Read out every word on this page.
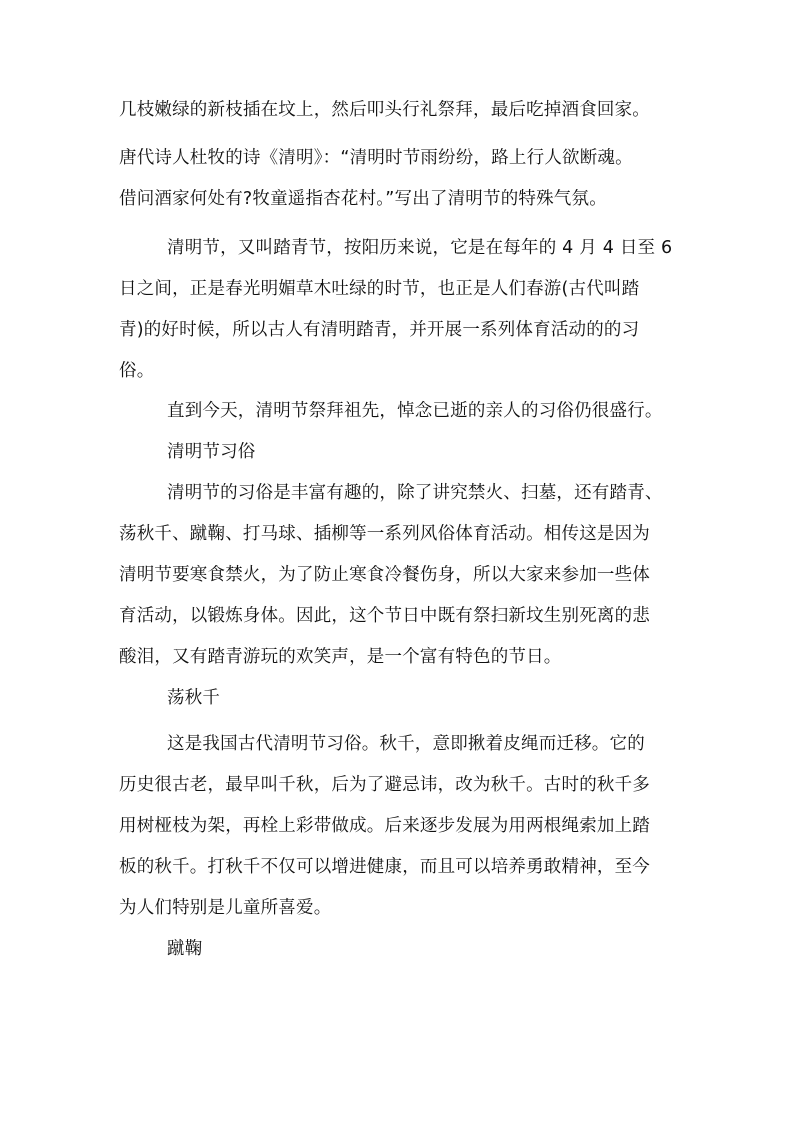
几枝嫩绿的新枝插在坟上，然后叩头行礼祭拜，最后吃掉酒食回家。
唐代诗人杜牧的诗《清明》：“清明时节雨纷纷，路上行人欲断魂。
借问酒家何处有?牧童遥指杏花村。”写出了清明节的特殊气氛。
清明节，又叫踏青节，按阳历来说，它是在每年的 4 月 4 日至 6
日之间，正是春光明媚草木吐绿的时节，也正是人们春游(古代叫踏
青)的好时候，所以古人有清明踏青，并开展一系列体育活动的的习
俗。
直到今天，清明节祭拜祖先，悼念已逝的亲人的习俗仍很盛行。
清明节习俗
清明节的习俗是丰富有趣的，除了讲究禁火、扫墓，还有踏青、
荡秋千、蹴鞠、打马球、插柳等一系列风俗体育活动。相传这是因为
清明节要寒食禁火，为了防止寒食冷餐伤身，所以大家来参加一些体
育活动，以锻炼身体。因此，这个节日中既有祭扫新坟生别死离的悲
酸泪，又有踏青游玩的欢笑声，是一个富有特色的节日。
荡秋千
这是我国古代清明节习俗。秋千，意即揪着皮绳而迁移。它的
历史很古老，最早叫千秋，后为了避忌讳，改为秋千。古时的秋千多
用树桠枝为架，再栓上彩带做成。后来逐步发展为用两根绳索加上踏
板的秋千。打秋千不仅可以增进健康，而且可以培养勇敢精神，至今
为人们特别是儿童所喜爱。
蹴鞠
